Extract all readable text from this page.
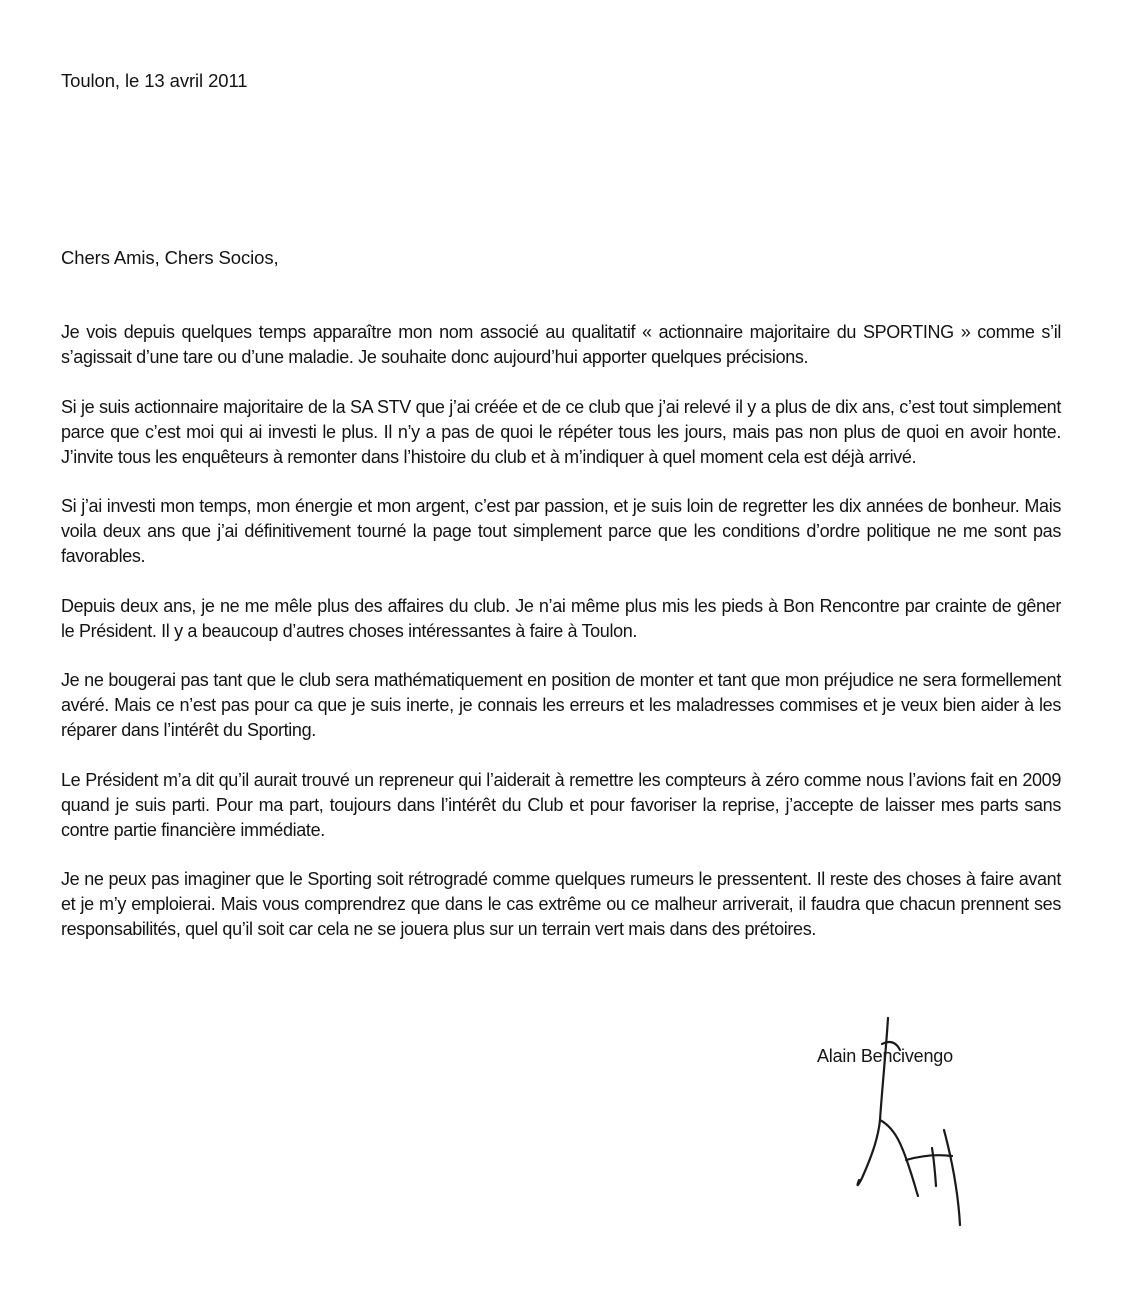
Toulon, le 13 avril 2011
Chers Amis, Chers Socios,

Je vois depuis quelques temps apparaître mon nom associé au qualitatif « actionnaire majoritaire du SPORTING » comme s’il s’agissait d’une tare ou d’une maladie. Je souhaite donc aujourd’hui apporter quelques précisions.

Si je suis actionnaire majoritaire de la SA STV que j’ai créée et de ce club que j’ai relevé il y a plus de dix ans, c’est tout simplement parce que c’est moi qui ai investi le plus. Il n’y a pas de quoi le répéter tous les jours, mais pas non plus de quoi en avoir honte. J’invite tous les enquêteurs à remonter dans l’histoire du club et à m’indiquer à quel moment cela est déjà arrivé.

Si j’ai investi mon temps, mon énergie et mon argent, c’est par passion, et je suis loin de regretter les dix années de bonheur. Mais voila deux ans que j’ai définitivement tourné la page tout simplement parce que les conditions d’ordre politique ne me sont pas favorables.

Depuis deux ans, je ne me mêle plus des affaires du club. Je n’ai même plus mis les pieds à Bon Rencontre par crainte de gêner le Président. Il y a beaucoup d’autres choses intéressantes à faire à Toulon.

Je ne bougerai pas tant que le club sera mathématiquement en position de monter et tant que mon préjudice ne sera formellement avéré. Mais ce n’est pas pour ca que je suis inerte, je connais les erreurs et les maladresses commises et je veux bien aider à les réparer dans l’intérêt du Sporting.

Le Président m’a dit qu’il aurait trouvé un repreneur qui l’aiderait à remettre les compteurs à zéro comme nous l’avions fait en 2009 quand je suis parti. Pour ma part, toujours dans l’intérêt du Club et pour favoriser la reprise, j’accepte de laisser mes parts sans contre partie financière immédiate.

Je ne peux pas imaginer que le Sporting soit rétrogradé comme quelques rumeurs le pressentent. Il reste des choses à faire avant et je m’y emploierai. Mais vous comprendrez que dans le cas extrême ou ce malheur arriverait, il faudra que chacun prennent ses responsabilités, quel qu’il soit car cela ne se jouera plus sur un terrain vert mais dans des prétoires.

Alain Bencivengo
